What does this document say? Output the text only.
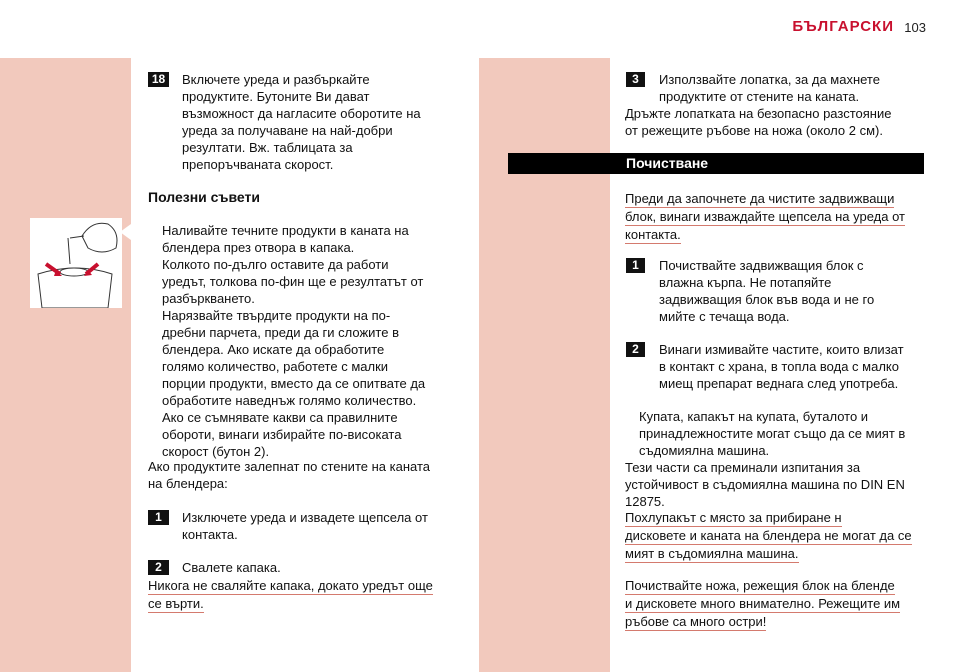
БЪЛГАРСКИ 103
18 Включете уреда и разбъркайте
продуктите. Бутоните Ви дават
възможност да нагласите оборотите на
уреда за получаване на най-добри
резултати. Вж. таблицата за
препоръчваната скорост.
Полезни съвети
Наливайте течните продукти в каната на
блендера през отвора в капака.
Колкото по-дълго оставите да работи
уредът, толкова по-фин ще е резултатът от
разбъркването.
Нарязвайте твърдите продукти на по-
дребни парчета, преди да ги сложите в
блендера. Ако искате да обработите
голямо количество, работете с малки
порции продукти, вместо да се опитвате да
обработите наведнъж голямо количество.
Ако се съмнявате какви са правилните
обороти, винаги избирайте по-високата
скорост (бутон 2).
Ако продуктите залепнат по стените на каната
на блендера:
1	Изключете уреда и извадете щепсела от
контакта.
2	Свалете капака.
Никога не сваляйте капака, докато уредът още
се върти.
3	Използвайте лопатка, за да махнете
продуктите от стените на каната.
Дръжте лопатката на безопасно разстояние
от режещите ръбове на ножа (около 2 см).
Почистване
Преди да започнете да чистите задвижващи
блок, винаги изваждайте щепсела на уреда от
контакта.
1	Почиствайте задвижващия блок с
влажна кърпа. Не потапяйте
задвижващия блок във вода и не го
мийте с течаща вода.
2	Винаги измивайте частите, които влизат
в контакт с храна, в топла вода с малко
миещ препарат веднага след употреба.
Купата, капакът на купата, буталото и
принадлежностите могат също да се мият в
съдомиялна машина.
Тези части са преминали изпитания за
устойчивост в съдомиялна машина по DIN EN
12875.
Похлупакът с място за прибиране н
дисковете и каната на блендера не могат да се
мият в съдомиялна машина.
Почиствайте ножа, режещия блок на бленде
и дисковете много внимателно. Режещите им
ръбове са много остри!
